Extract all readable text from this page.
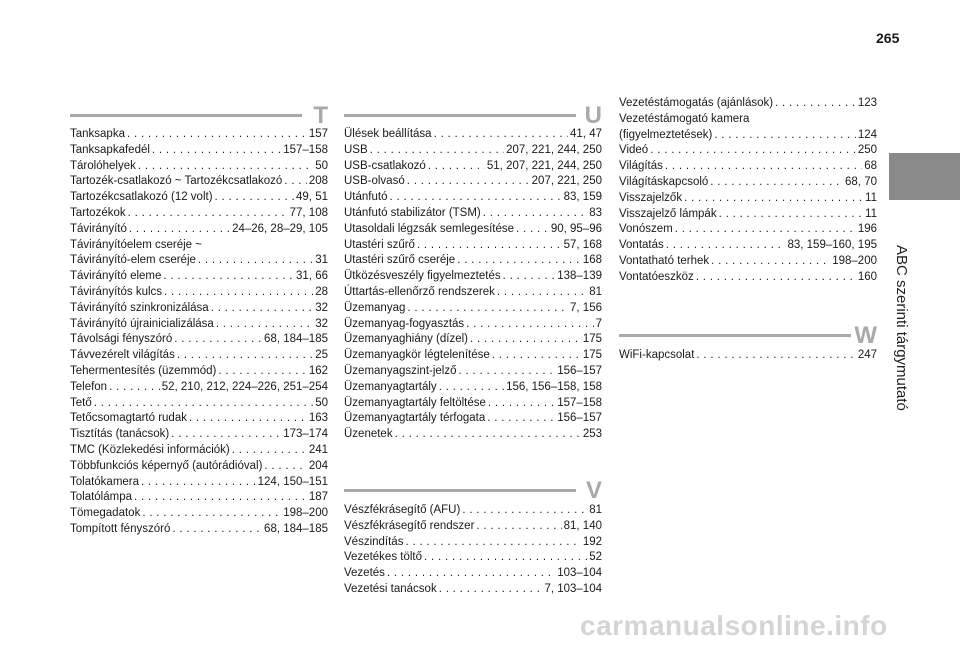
265
ABC szerinti tárgymutató
T
Tanksapka . . .	157
Tanksapkafedél . . .	157–158
Tárolóhelyek . . .	50
Tartozék-csatlakozó ~ Tartozékcsatlakozó . . . 208
Tartozékcsatlakozó (12 volt) . . .	49, 51
Tartozékok . . .	77, 108
Távirányító . . .	24–26, 28–29, 105
Távirányítóelem cseréje ~
Távirányító-elem cseréje . . .	31
Távirányító eleme . . .	31, 66
Távirányítós kulcs . . .	28
Távirányító szinkronizálása . . .	32
Távirányító újrainicializálása . . .	32
Távolsági fényszóró . . .	68, 184–185
Távvezérelt világítás . . .	25
Tehermentesítés (üzemmód) . . .	162
Telefon . . .	52, 210, 212, 224–226, 251–254
Tető . . .	50
Tetőcsomagtartó rudak . . .	163
Tisztítás (tanácsok) . . .	173–174
TMC (Közlekedési információk) . . .	241
Többfunkciós képernyő (autórádióval) . . .	204
Tolatókamera . . .	124, 150–151
Tolatólámpa . . .	187
Tömegadatok . . .	198–200
Tompított fényszóró . . .	68, 184–185
U
Ülések beállítása . . .	41, 47
USB . . .	207, 221, 244, 250
USB-csatlakozó . . .	51, 207, 221, 244, 250
USB-olvasó . . .	207, 221, 250
Utánfutó . . .	83, 159
Utánfutó stabilizátor (TSM) . . .	83
Utasoldali légzsák semlegesítése . . .	90, 95–96
Utastéri szűrő . . .	57, 168
Utastéri szűrő cseréje . . .	168
Ütközésveszély figyelmeztetés . . .	138–139
Úttartás-ellenőrző rendszerek . . .	81
Üzemanyag . . .	7, 156
Üzemanyag-fogyasztás . . .	7
Üzemanyaghiány (dízel) . . .	175
Üzemanyagkör légtelenítése . . .	175
Üzemanyagszint-jelző . . .	156–157
Üzemanyagtartály . . .	156, 156–158, 158
Üzemanyagtartály feltöltése . . .	157–158
Üzemanyagtartály térfogata . . .	156–157
Üzenetek . . .	253
V
Vészfékrásegítő (AFU) . . .	81
Vészfékrásegítő rendszer . . .	81, 140
Vészindítás . . .	192
Vezetékes töltő . . .	52
Vezetés . . .	103–104
Vezetési tanácsok . . .	7, 103–104
Vezetéstámogatás (ajánlások) . . .	123
Vezetéstámogató kamera
(figyelmeztetések) . . .	124
Videó . . .	250
Világítás . . .	68
Világításkapcsoló . . .	68, 70
Visszajelzők . . .	11
Visszajelző lámpák . . .	11
Vonószem . . .	196
Vontatás . . .	83, 159–160, 195
Vontatható terhek . . .	198–200
Vontatóeszköz . . .	160
W
WiFi-kapcsolat . . .	247
carmanualsonline.info
